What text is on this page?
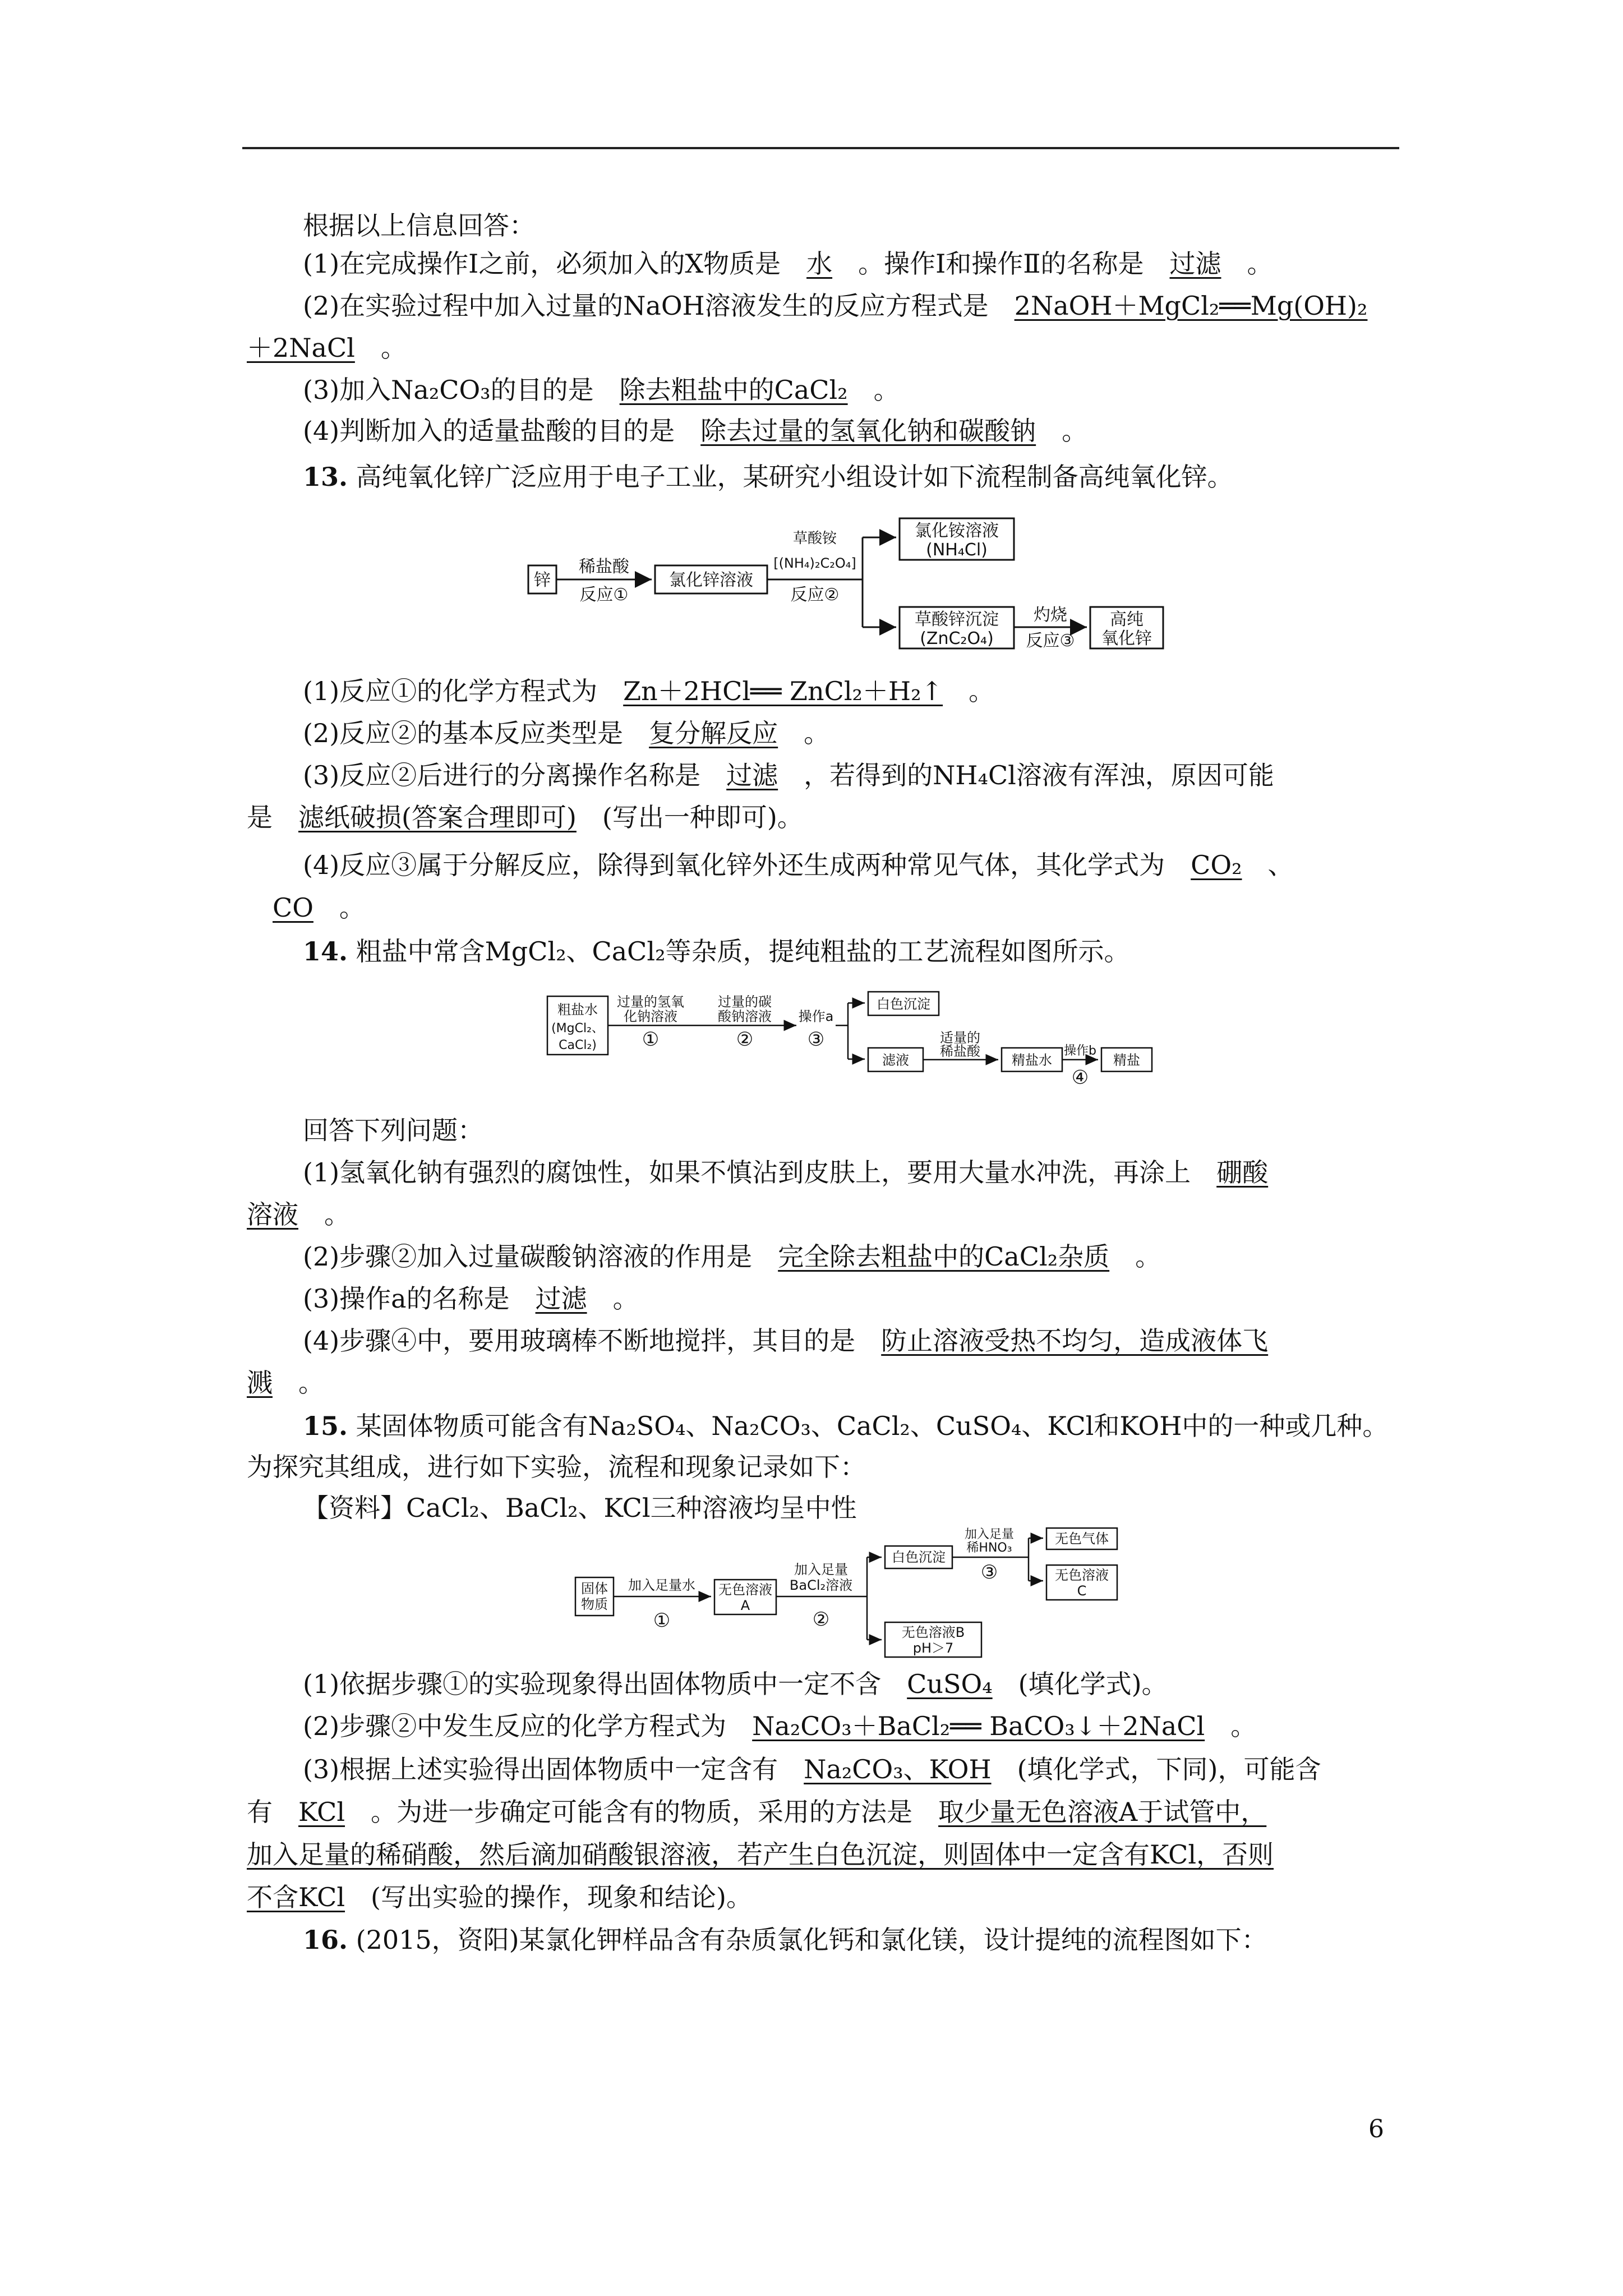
根据以上信息回答：
(1)在完成操作Ⅰ之前，必须加入的X物质是　 水　 。操作Ⅰ和操作Ⅱ的名称是　 过滤　 。
(2)在实验过程中加入过量的NaOH溶液发生的反应方程式是　 2NaOH＋MgCl₂══Mg(OH)₂
＋2NaCl　 。
(3)加入Na₂CO₃的目的是　 除去粗盐中的CaCl₂　 。
(4)判断加入的适量盐酸的目的是　 除去过量的氢氧化钠和碳酸钠　 。
13. 高纯氧化锌广泛应用于电子工业，某研究小组设计如下流程制备高纯氧化锌。
锌
稀盐酸
反应①
氯化锌溶液
草酸铵
[(NH₄)₂C₂O₄]
反应②
氯化铵溶液
(NH₄Cl)
草酸锌沉淀
(ZnC₂O₄)
灼烧
反应③
高纯
氧化锌
(1)反应①的化学方程式为　 Zn＋2HCl══ ZnCl₂＋H₂↑　 。
(2)反应②的基本反应类型是　 复分解反应　 。
(3)反应②后进行的分离操作名称是　 过滤　 ，若得到的NH₄Cl溶液有浑浊，原因可能
是　 滤纸破损(答案合理即可)　 (写出一种即可)。
(4)反应③属于分解反应，除得到氧化锌外还生成两种常见气体，其化学式为　 CO₂　 、
　CO　 。
14. 粗盐中常含MgCl₂、CaCl₂等杂质，提纯粗盐的工艺流程如图所示。
粗盐水
(MgCl₂、
CaCl₂)
过量的氢氧
化钠溶液
①
过量的碳
酸钠溶液
②
操作a
③
白色沉淀
滤液
适量的
稀盐酸
精盐水
操作b
④
精盐
回答下列问题：
(1)氢氧化钠有强烈的腐蚀性，如果不慎沾到皮肤上，要用大量水冲洗，再涂上　 硼酸
溶液　 。
(2)步骤②加入过量碳酸钠溶液的作用是　 完全除去粗盐中的CaCl₂杂质　 。
(3)操作a的名称是　 过滤　 。
(4)步骤④中，要用玻璃棒不断地搅拌，其目的是　 防止溶液受热不均匀，造成液体飞
溅　 。
15. 某固体物质可能含有Na₂SO₄、Na₂CO₃、CaCl₂、CuSO₄、KCl和KOH中的一种或几种。
为探究其组成，进行如下实验，流程和现象记录如下：
【资料】CaCl₂、BaCl₂、KCl三种溶液均呈中性
固体
物质
加入足量水
①
无色溶液
A
加入足量
BaCl₂溶液
②
白色沉淀
加入足量
稀HNO₃
③
无色气体
无色溶液
C
无色溶液B
pH＞7
(1)依据步骤①的实验现象得出固体物质中一定不含　 CuSO₄　 (填化学式)。
(2)步骤②中发生反应的化学方程式为　 Na₂CO₃＋BaCl₂══ BaCO₃↓＋2NaCl　 。
(3)根据上述实验得出固体物质中一定含有　 Na₂CO₃、KOH　 (填化学式，下同)，可能含
有　 KCl　 。为进一步确定可能含有的物质，采用的方法是　 取少量无色溶液A于试管中，
加入足量的稀硝酸，然后滴加硝酸银溶液，若产生白色沉淀，则固体中一定含有KCl，否则
不含KCl　 (写出实验的操作，现象和结论)。
16. (2015，资阳)某氯化钾样品含有杂质氯化钙和氯化镁，设计提纯的流程图如下：
6
